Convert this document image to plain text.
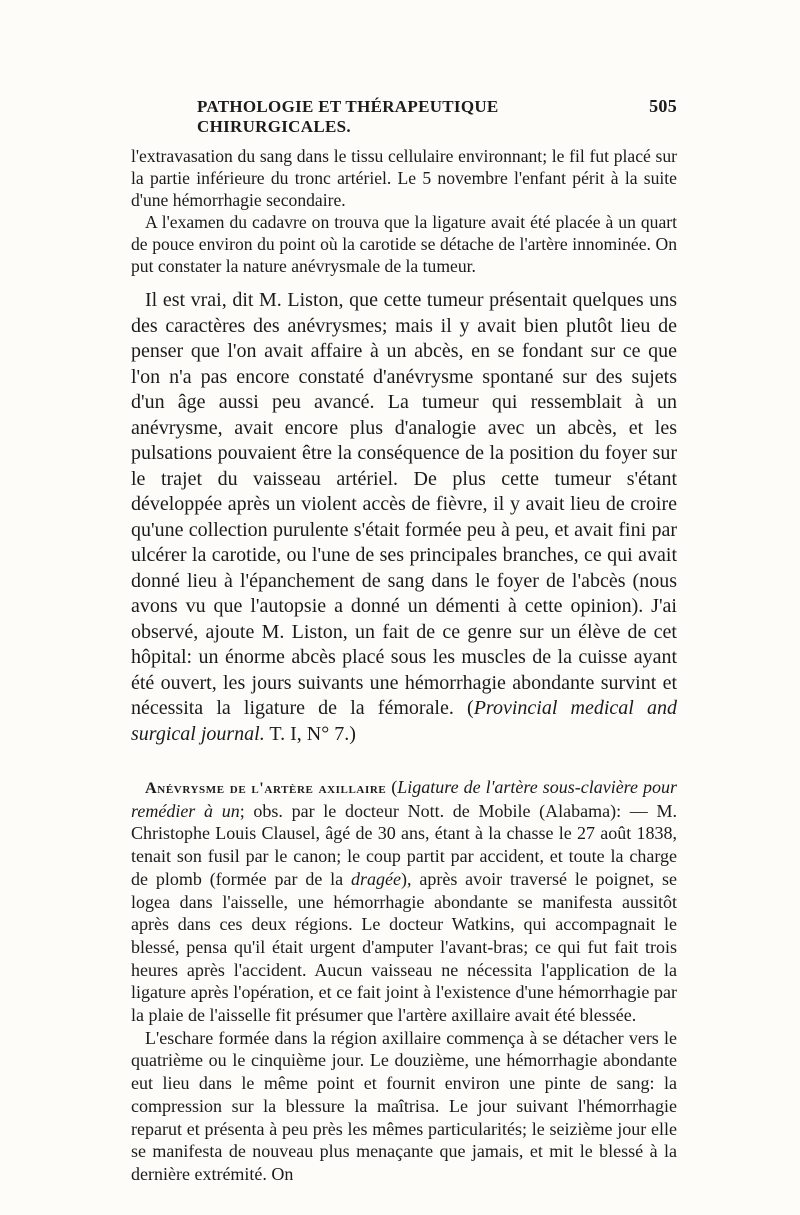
PATHOLOGIE ET THÉRAPEUTIQUE CHIRURGICALES.
505

l'extravasation du sang dans le tissu cellulaire environnant; le fil fut placé sur la partie inférieure du tronc artériel. Le 5 novembre l'enfant périt à la suite d'une hémorrhagie secondaire.

A l'examen du cadavre on trouva que la ligature avait été placée à un quart de pouce environ du point où la carotide se détache de l'artère innominée. On put constater la nature anévrysmale de la tumeur.

Il est vrai, dit M. Liston, que cette tumeur présentait quelques uns des caractères des anévrysmes; mais il y avait bien plutôt lieu de penser que l'on avait affaire à un abcès, en se fondant sur ce que l'on n'a pas encore constaté d'anévrysme spontané sur des sujets d'un âge aussi peu avancé. La tumeur qui ressemblait à un anévrysme, avait encore plus d'analogie avec un abcès, et les pulsations pouvaient être la conséquence de la position du foyer sur le trajet du vaisseau artériel. De plus cette tumeur s'étant développée après un violent accès de fièvre, il y avait lieu de croire qu'une collection purulente s'était formée peu à peu, et avait fini par ulcérer la carotide, ou l'une de ses principales branches, ce qui avait donné lieu à l'épanchement de sang dans le foyer de l'abcès (nous avons vu que l'autopsie a donné un démenti à cette opinion). J'ai observé, ajoute M. Liston, un fait de ce genre sur un élève de cet hôpital: un énorme abcès placé sous les muscles de la cuisse ayant été ouvert, les jours suivants une hémorrhagie abondante survint et nécessita la ligature de la fémorale. (Provincial medical and surgical journal. T. I, N° 7.)

Anévrysme de l'artère axillaire (Ligature de l'artère sous-clavière pour remédier à un; obs. par le docteur Nott. de Mobile (Alabama): — M. Christophe Louis Clausel, âgé de 30 ans, étant à la chasse le 27 août 1838, tenait son fusil par le canon; le coup partit par accident, et toute la charge de plomb (formée par de la dragée), après avoir traversé le poignet, se logea dans l'aisselle, une hémorrhagie abondante se manifesta aussitôt après dans ces deux régions. Le docteur Watkins, qui accompagnait le blessé, pensa qu'il était urgent d'amputer l'avant-bras; ce qui fut fait trois heures après l'accident. Aucun vaisseau ne nécessita l'application de la ligature après l'opération, et ce fait joint à l'existence d'une hémorrhagie par la plaie de l'aisselle fit présumer que l'artère axillaire avait été blessée.

L'eschare formée dans la région axillaire commença à se détacher vers le quatrième ou le cinquième jour. Le douzième, une hémorrhagie abondante eut lieu dans le même point et fournit environ une pinte de sang: la compression sur la blessure la maîtrisa. Le jour suivant l'hémorrhagie reparut et présenta à peu près les mêmes particularités; le seizième jour elle se manifesta de nouveau plus menaçante que jamais, et mit le blessé à la dernière extrémité. On
